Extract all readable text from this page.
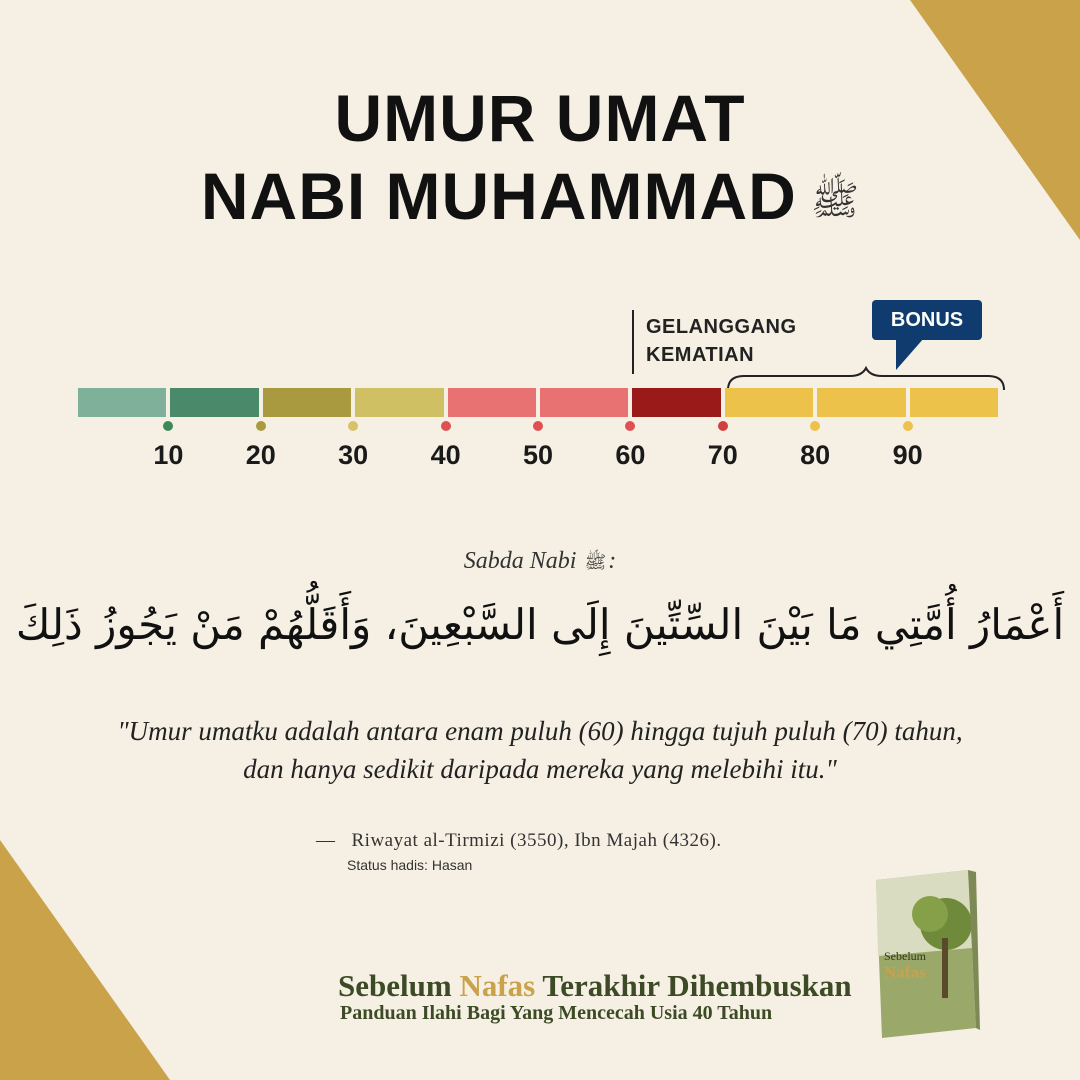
UMUR UMAT
NABI MUHAMMAD ﷺ
GELANGGANG
KEMATIAN
BONUS
10	20	30	40	50	60	70	80	90
Sabda Nabi ﷺ:
أَعْمَارُ أُمَّتِي مَا بَيْنَ السِّتِّينَ إِلَى السَّبْعِينَ، وَأَقَلُّهُمْ مَنْ يَجُوزُ ذَلِكَ
"Umur umatku adalah antara enam puluh (60) hingga tujuh puluh (70) tahun,
dan hanya sedikit daripada mereka yang melebihi itu."
— Riwayat al-Tirmizi (3550), Ibn Majah (4326).
Status hadis: Hasan
Sebelum Nafas Terakhir Dihembuskan
Panduan Ilahi Bagi Yang Mencecah Usia 40 Tahun
Sebelum
Nafas
